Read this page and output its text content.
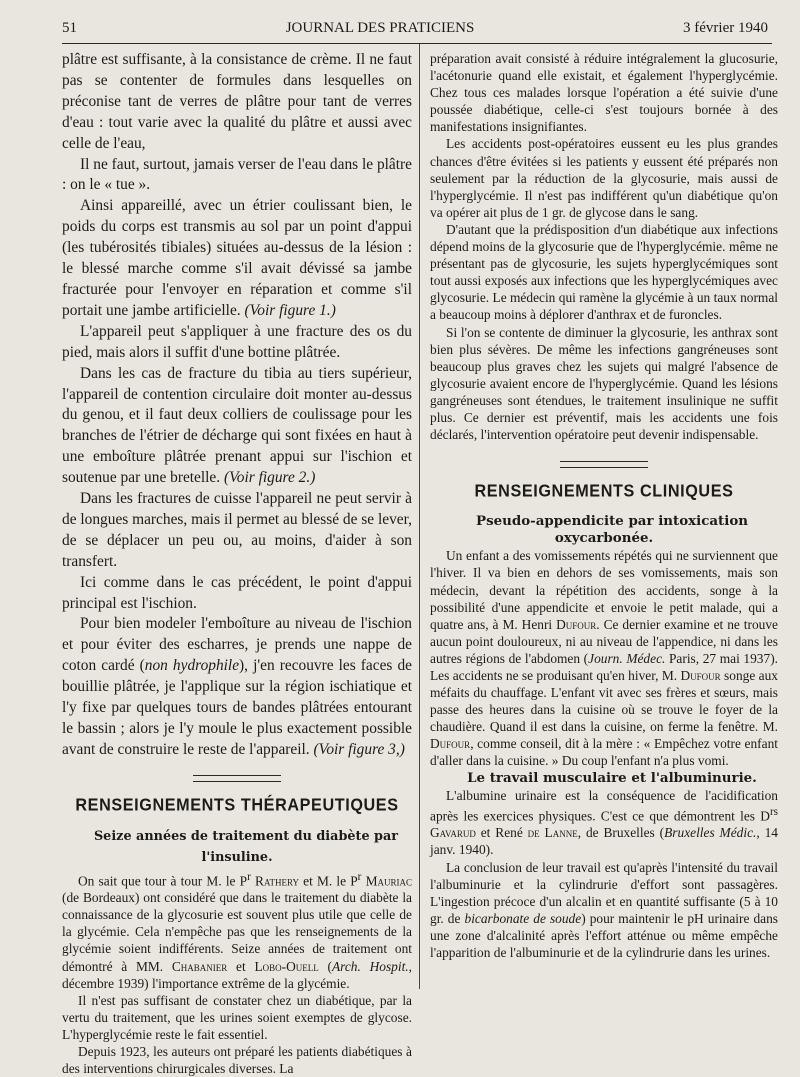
51	JOURNAL DES PRATICIENS	3 février 1940

plâtre est suffisante, à la consistance de crème. Il ne faut pas se contenter de formules dans lesquelles on préconise tant de verres de plâtre pour tant de verres d'eau : tout varie avec la qualité du plâtre et aussi avec celle de l'eau,

Il ne faut, surtout, jamais verser de l'eau dans le plâtre : on le « tue ».

Ainsi appareillé, avec un étrier coulissant bien, le poids du corps est transmis au sol par un point d'appui (les tubérosités tibiales) situées au-dessus de la lésion : le blessé marche comme s'il avait dévissé sa jambe fracturée pour l'envoyer en réparation et comme s'il portait une jambe artificielle. (Voir figure 1.)

L'appareil peut s'appliquer à une fracture des os du pied, mais alors il suffit d'une bottine plâtrée.

Dans les cas de fracture du tibia au tiers supérieur, l'appareil de contention circulaire doit monter au-dessus du genou, et il faut deux colliers de coulissage pour les branches de l'étrier de décharge qui sont fixées en haut à une emboîture plâtrée prenant appui sur l'ischion et soutenue par une bretelle. (Voir figure 2.)

Dans les fractures de cuisse l'appareil ne peut servir à de longues marches, mais il permet au blessé de se lever, de se déplacer un peu ou, au moins, d'aider à son transfert.

Ici comme dans le cas précédent, le point d'appui principal est l'ischion.

Pour bien modeler l'emboîture au niveau de l'ischion et pour éviter des escharres, je prends une nappe de coton cardé (non hydrophile), j'en recouvre les faces de bouillie plâtrée, je l'applique sur la région ischiatique et l'y fixe par quelques tours de bandes plâtrées entourant le bassin ; alors je l'y moule le plus exactement possible avant de construire le reste de l'appareil. (Voir figure 3,)

RENSEIGNEMENTS THÉRAPEUTIQUES

Seize années de traitement du diabète par l'insuline.

On sait que tour à tour M. le $P^r$ Rathery et M. le $P^r$ Mauriac (de Bordeaux) ont considéré que dans le traitement du diabète la connaissance de la glycosurie est souvent plus utile que celle de la glycémie. Cela n'empêche pas que les renseignements de la glycémie soient indifférents. Seize années de traitement ont démontré à MM. Chabanier et Lobo-Ouell (Arch. Hospit., décembre 1939) l'importance extrême de la glycémie.

Il n'est pas suffisant de constater chez un diabétique, par la vertu du traitement, que les urines soient exemptes de glycose. L'hyperglycémie reste le fait essentiel.

Depuis 1923, les auteurs ont préparé les patients diabétiques à des interventions chirurgicales diverses. La

préparation avait consisté à réduire intégralement la glucosurie, l'acétonurie quand elle existait, et également l'hyperglycémie. Chez tous ces malades lorsque l'opération a été suivie d'une poussée diabétique, celle-ci s'est toujours bornée à des manifestations insignifiantes.

Les accidents post-opératoires eussent eu les plus grandes chances d'être évitées si les patients y eussent été préparés non seulement par la réduction de la glycosurie, mais aussi de l'hyperglycémie. Il n'est pas indifférent qu'un diabétique qu'on va opérer ait plus de 1 gr. de glycose dans le sang.

D'autant que la prédisposition d'un diabétique aux infections dépend moins de la glycosurie que de l'hyperglycémie. même ne présentant pas de glycosurie, les sujets hyperglycémiques sont tout aussi exposés aux infections que les hyperglycémiques avec glycosurie. Le médecin qui ramène la glycémie à un taux normal a beaucoup moins à déplorer d'anthrax et de furoncles.

Si l'on se contente de diminuer la glycosurie, les anthrax sont bien plus sévères. De même les infections gangréneuses sont beaucoup plus graves chez les sujets qui malgré l'absence de glycosurie avaient encore de l'hyperglycémie. Quand les lésions gangréneuses sont étendues, le traitement insulinique ne suffit plus. Ce dernier est préventif, mais les accidents une fois déclarés, l'intervention opératoire peut devenir indispensable.

RENSEIGNEMENTS CLINIQUES

Pseudo-appendicite par intoxication oxycarbonée.

Un enfant a des vomissements répétés qui ne surviennent que l'hiver. Il va bien en dehors de ses vomissements, mais son médecin, devant la répétition des accidents, songe à la possibilité d'une appendicite et envoie le petit malade, qui a quatre ans, à M. Henri Dufour. Ce dernier examine et ne trouve aucun point douloureux, ni au niveau de l'appendice, ni dans les autres régions de l'abdomen (Journ. Médec. Paris, 27 mai 1937). Les accidents ne se produisant qu'en hiver, M. Dufour songe aux méfaits du chauffage. L'enfant vit avec ses frères et sœurs, mais passe des heures dans la cuisine où se trouve le foyer de la chaudière. Quand il est dans la cuisine, on ferme la fenêtre. M. Dufour, comme conseil, dit à la mère : « Empêchez votre enfant d'aller dans la cuisine. » Du coup l'enfant n'a plus vomi.

Le travail musculaire et l'albuminurie.

L'albumine urinaire est la conséquence de l'acidification après les exercices physiques. C'est ce que démontrent les $D^{rs}$ Gavarud et René de Lanne, de Bruxelles (Bruxelles Médic., 14 janv. 1940).

La conclusion de leur travail est qu'après l'intensité du travail l'albuminurie et la cylindrurie d'effort sont passagères. L'ingestion précoce d'un alcalin et en quantité suffisante (5 à 10 gr. de bicarbonate de soude) pour maintenir le pH urinaire dans une zone d'alcalinité après l'effort atténue ou même empêche l'apparition de l'albuminurie et de la cylindrurie dans les urines.
